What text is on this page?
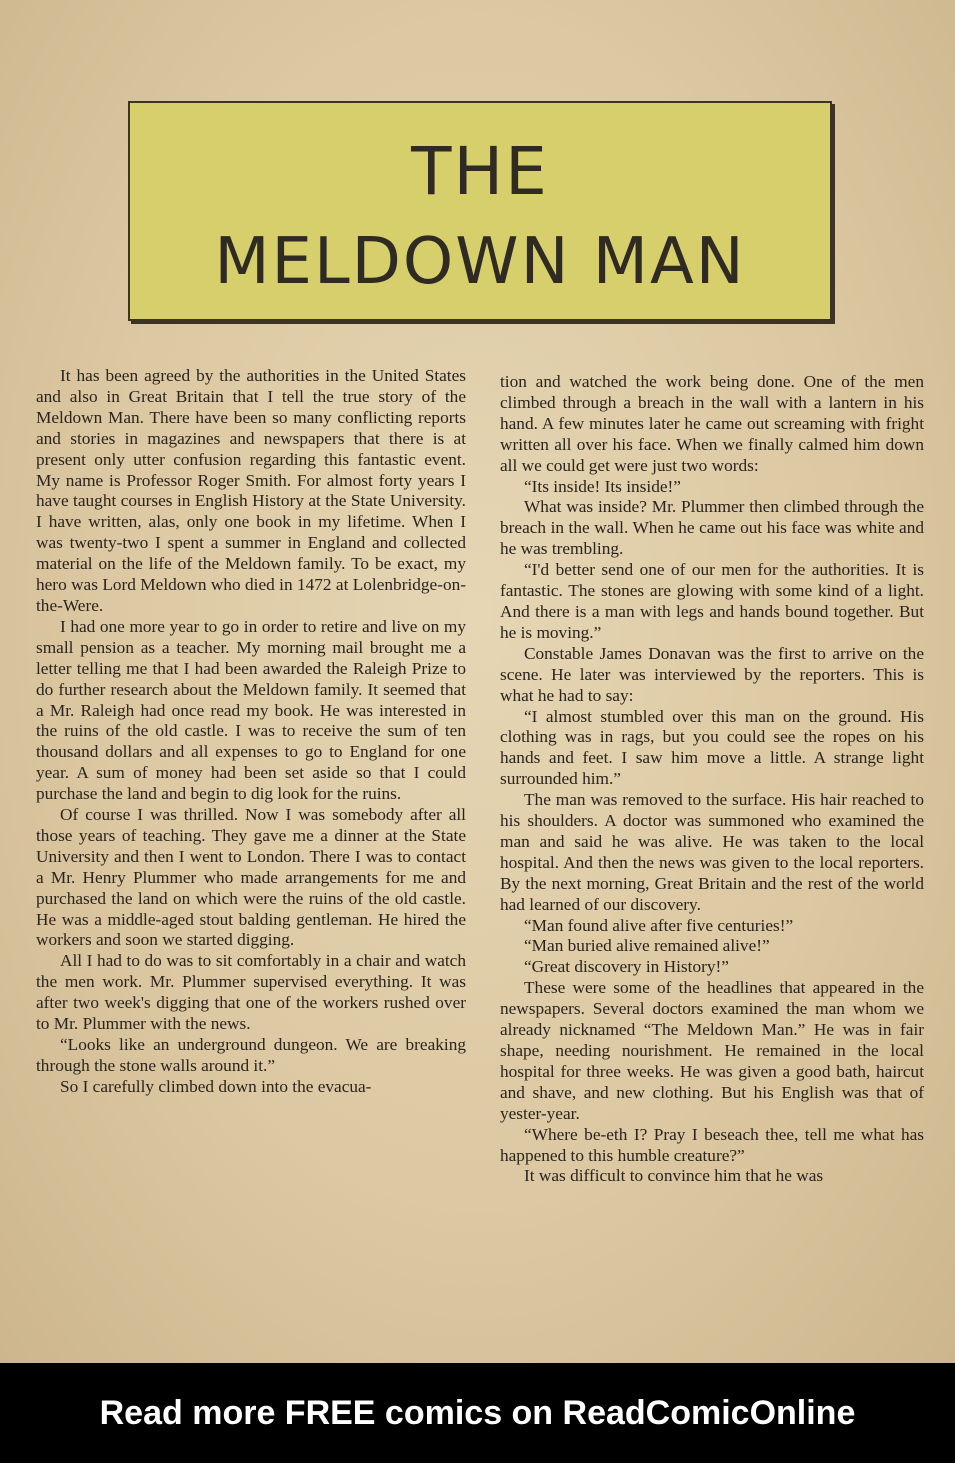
THE
MELDOWN MAN

It has been agreed by the authorities in the United States and also in Great Britain that I tell the true story of the Meldown Man. There have been so many conflicting reports and stories in magazines and newspapers that there is at present only utter confusion regarding this fantastic event. My name is Professor Roger Smith. For almost forty years I have taught courses in English History at the State University. I have written, alas, only one book in my lifetime. When I was twenty-two I spent a summer in England and collected material on the life of the Meldown family. To be exact, my hero was Lord Meldown who died in 1472 at Lolenbridge-on-the-Were.

I had one more year to go in order to retire and live on my small pension as a teacher. My morning mail brought me a letter telling me that I had been awarded the Raleigh Prize to do further research about the Meldown family. It seemed that a Mr. Raleigh had once read my book. He was interested in the ruins of the old castle. I was to receive the sum of ten thousand dollars and all expenses to go to England for one year. A sum of money had been set aside so that I could purchase the land and begin to dig look for the ruins.

Of course I was thrilled. Now I was somebody after all those years of teaching. They gave me a dinner at the State University and then I went to London. There I was to contact a Mr. Henry Plummer who made arrangements for me and purchased the land on which were the ruins of the old castle. He was a middle-aged stout balding gentleman. He hired the workers and soon we started digging.

All I had to do was to sit comfortably in a chair and watch the men work. Mr. Plummer supervised everything. It was after two week's digging that one of the workers rushed over to Mr. Plummer with the news.

“Looks like an underground dungeon. We are breaking through the stone walls around it.”

So I carefully climbed down into the evacua-

tion and watched the work being done. One of the men climbed through a breach in the wall with a lantern in his hand. A few minutes later he came out screaming with fright written all over his face. When we finally calmed him down all we could get were just two words:

“Its inside! Its inside!”

What was inside? Mr. Plummer then climbed through the breach in the wall. When he came out his face was white and he was trembling.

“I'd better send one of our men for the authorities. It is fantastic. The stones are glowing with some kind of a light. And there is a man with legs and hands bound together. But he is moving.”

Constable James Donavan was the first to arrive on the scene. He later was interviewed by the reporters. This is what he had to say:

“I almost stumbled over this man on the ground. His clothing was in rags, but you could see the ropes on his hands and feet. I saw him move a little. A strange light surrounded him.”

The man was removed to the surface. His hair reached to his shoulders. A doctor was summoned who examined the man and said he was alive. He was taken to the local hospital. And then the news was given to the local reporters. By the next morning, Great Britain and the rest of the world had learned of our discovery.

“Man found alive after five centuries!”

“Man buried alive remained alive!”

“Great discovery in History!”

These were some of the headlines that appeared in the newspapers. Several doctors examined the man whom we already nicknamed “The Meldown Man.” He was in fair shape, needing nourishment. He remained in the local hospital for three weeks. He was given a good bath, haircut and shave, and new clothing. But his English was that of yester-year.

“Where be-eth I? Pray I beseach thee, tell me what has happened to this humble creature?”

It was difficult to convince him that he was

Read more FREE comics on ReadComicOnline
